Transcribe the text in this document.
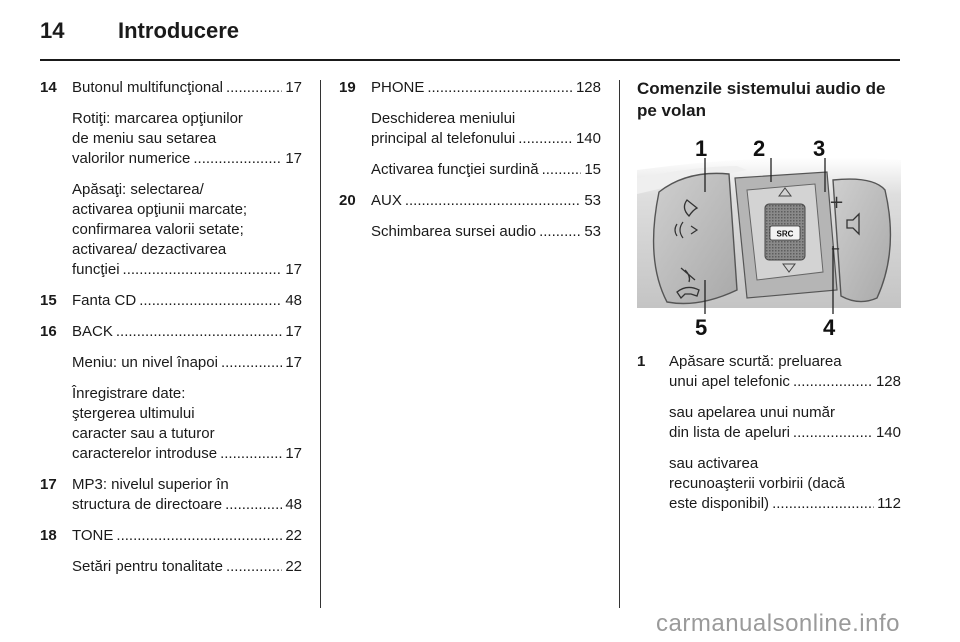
14 Introducere
14 Butonul multifuncţional .....	17
Rotiţi: marcarea opţiunilor
de meniu sau setarea
valorilor numerice .....	17
Apăsaţi: selectarea/
activarea opţiunii marcate;
confirmarea valorii setate;
activarea/ dezactivarea
funcţiei .....	17
15 Fanta CD .....	48
16 BACK .....	17
Meniu: un nivel înapoi .....	17
Înregistrare date:
ştergerea ultimului
caracter sau a tuturor
caracterelor introduse .....	17
17 MP3: nivelul superior în
structura de directoare .....	48
18 TONE .....	22
Setări pentru tonalitate .....	22
19 PHONE .....	128
Deschiderea meniului
principal al telefonului .....	140
Activarea funcţiei surdină .....	15
20 AUX .....	53
Schimbarea sursei audio .....	53
Comenzile sistemului audio de pe volan
SRC
+
–
1 2 3
4
5
1 Apăsare scurtă: preluarea
unui apel telefonic .....	128
sau apelarea unui număr
din lista de apeluri .....	140
sau activarea
recunoaşterii vorbirii (dacă
este disponibil) .....	112
carmanualsonline.info
